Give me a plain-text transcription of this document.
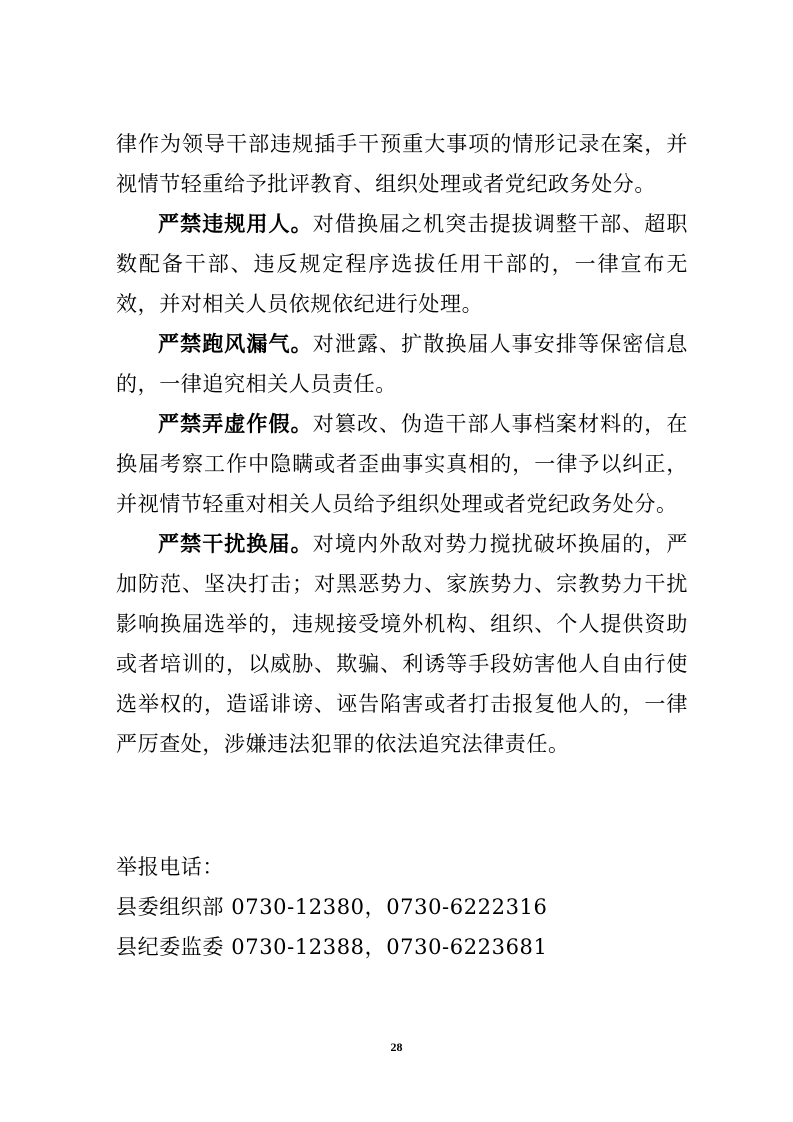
律作为领导干部违规插手干预重大事项的情形记录在案，并视情节轻重给予批评教育、组织处理或者党纪政务处分。

严禁违规用人。对借换届之机突击提拔调整干部、超职数配备干部、违反规定程序选拔任用干部的，一律宣布无效，并对相关人员依规依纪进行处理。

严禁跑风漏气。对泄露、扩散换届人事安排等保密信息的，一律追究相关人员责任。

严禁弄虚作假。对篡改、伪造干部人事档案材料的，在换届考察工作中隐瞒或者歪曲事实真相的，一律予以纠正，并视情节轻重对相关人员给予组织处理或者党纪政务处分。

严禁干扰换届。对境内外敌对势力搅扰破坏换届的，严加防范、坚决打击；对黑恶势力、家族势力、宗教势力干扰影响换届选举的，违规接受境外机构、组织、个人提供资助或者培训的，以威胁、欺骗、利诱等手段妨害他人自由行使选举权的，造谣诽谤、诬告陷害或者打击报复他人的，一律严厉查处，涉嫌违法犯罪的依法追究法律责任。

举报电话：

县委组织部 0730-12380，0730-6222316

县纪委监委 0730-12388，0730-6223681

28
